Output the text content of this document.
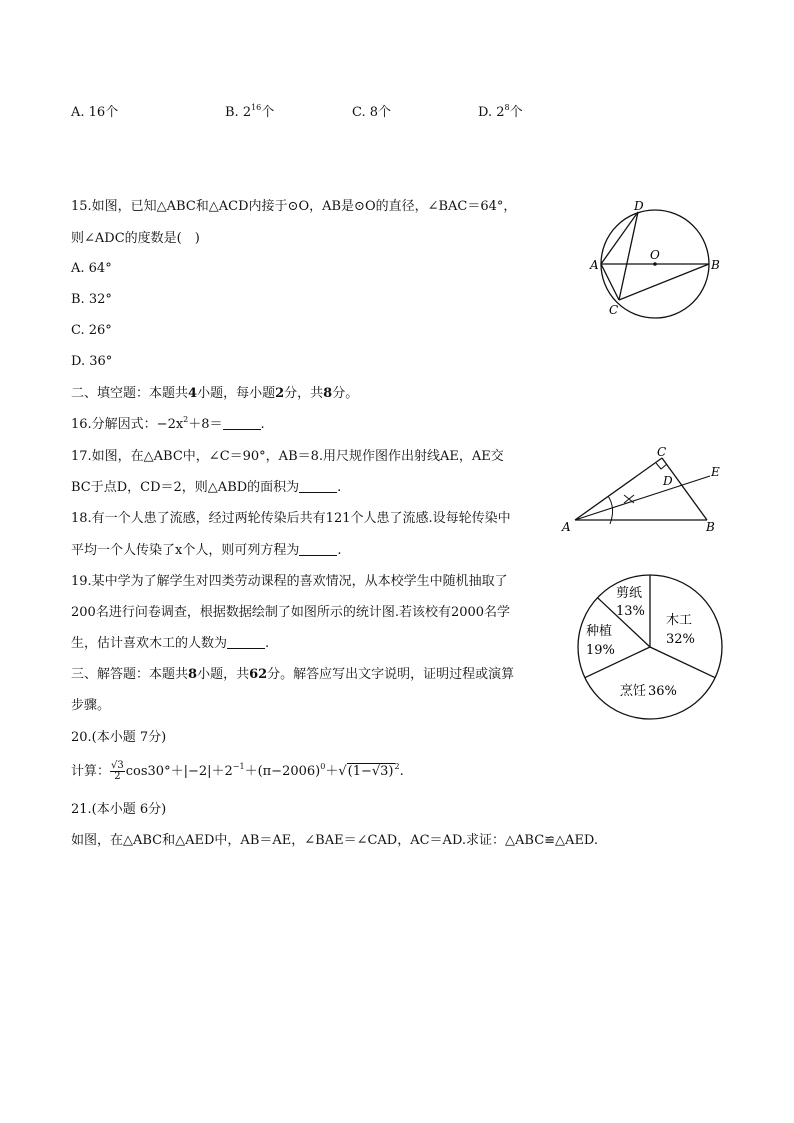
A. 16个	B. $2^{16}$个	C. 8个	D. $2^8$个
15.如图，已知△ABC和△ACD内接于⊙O，AB是⊙O的直径，∠BAC＝64°，
则∠ADC的度数是(　)
A. 64°
B. 32°
C. 26°
D. 36°
D
O
A	B
C
二、填空题：本题共4小题，每小题2分，共8分。
16.分解因式：$-2x^2+8=$	.
17.如图，在△ABC中，∠C＝90°，AB＝8.用尺规作图作出射线AE，AE交
BC于点D，CD＝2，则△ABD的面积为	.
C
E
D
A	B
18.有一个人患了流感，经过两轮传染后共有121个人患了流感.设每轮传染中
平均一个人传染了x个人，则可列方程为	.
19.某中学为了解学生对四类劳动课程的喜欢情况，从本校学生中随机抽取了
200名进行问卷调查，根据数据绘制了如图所示的统计图.若该校有2000名学
生，估计喜欢木工的人数为	.
木工
32%
烹饪 36%
种植
19%
剪纸
13%
三、解答题：本题共8小题，共62分。解答应写出文字说明，证明过程或演算
步骤。
20.(本小题 7分)
计算： $\frac{√3}{2} \cos 30^\circ+|-2|+2^{-1}+(\pi-2006)^0+√(1-√3)^2$.
21.(本小题 6分)
如图，在△ABC和△AED中，AB＝AE，∠BAE＝∠CAD，AC＝AD.求证：△ABC≌△AED.
